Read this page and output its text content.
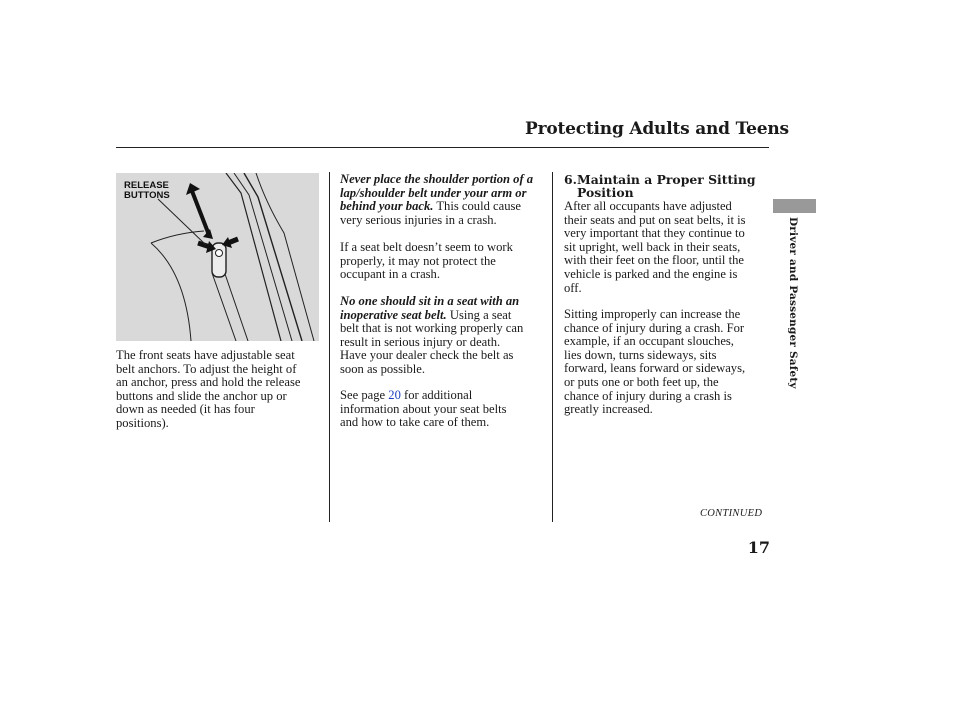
Protecting Adults and Teens
RELEASE
BUTTONS
The front seats have adjustable seat
belt anchors. To adjust the height of
an anchor, press and hold the release
buttons and slide the anchor up or
down as needed (it has four
positions).
Never place the shoulder portion of a
lap/shoulder belt under your arm or
behind your back. This could cause
very serious injuries in a crash.
If a seat belt doesn’t seem to work
properly, it may not protect the
occupant in a crash.
No one should sit in a seat with an
inoperative seat belt. Using a seat
belt that is not working properly can
result in serious injury or death.
Have your dealer check the belt as
soon as possible.
See page 20 for additional
information about your seat belts
and how to take care of them.
6. Maintain a Proper Sitting
Position
After all occupants have adjusted
their seats and put on seat belts, it is
very important that they continue to
sit upright, well back in their seats,
with their feet on the floor, until the
vehicle is parked and the engine is
off.
Sitting improperly can increase the
chance of injury during a crash. For
example, if an occupant slouches,
lies down, turns sideways, sits
forward, leans forward or sideways,
or puts one or both feet up, the
chance of injury during a crash is
greatly increased.
Driver and Passenger Safety
CONTINUED
17
